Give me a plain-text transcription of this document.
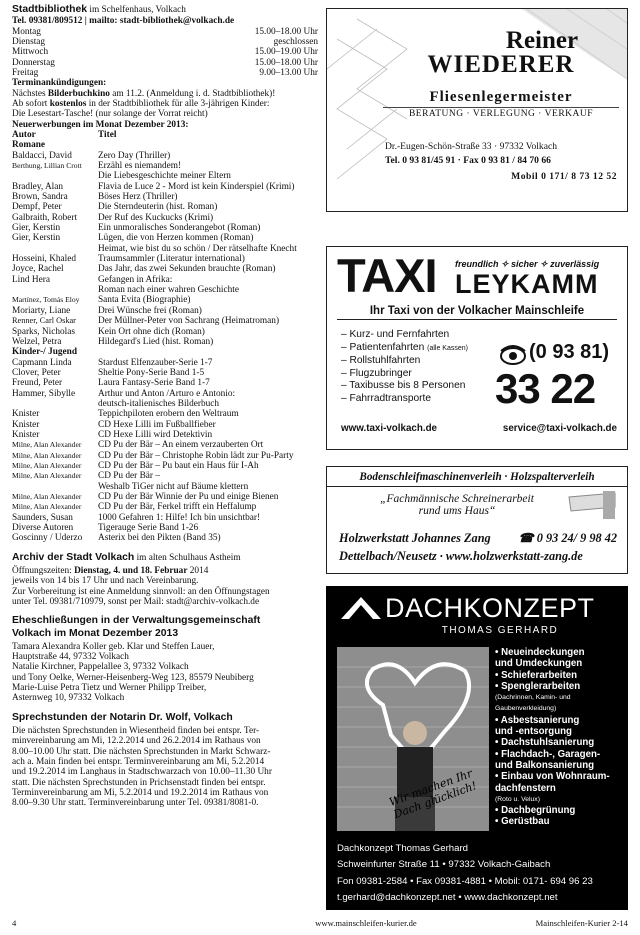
Stadtbibliothek im Schelfenhaus, Volkach
Tel. 09381/809512 | mailto: stadt-bibliothek@volkach.de
Montag	15.00–18.00 Uhr
Dienstag	geschlossen
Mittwoch	15.00–19.00 Uhr
Donnerstag	15.00–18.00 Uhr
Freitag	9.00–13.00 Uhr
Terminankündigungen:
Nächstes Bilderbuchkino am 11.2. (Anmeldung i. d. Stadtbibliothek)!
Ab sofort kostenlos in der Stadtbibliothek für alle 3-jährigen Kinder:
Die Lesestart-Tasche! (nur solange der Vorrat reicht)
Neuerwerbungen im Monat Dezember 2013:
Autor	Titel
Romane
Baldacci, David	Zero Day (Thriller)
Berthung, Lillian Crott	Erzähl es niemandem!
Die Liebesgeschichte meiner Eltern
Bradley, Alan	Flavia de Luce 2 - Mord ist kein Kinderspiel (Krimi)
Brown, Sandra	Böses Herz (Thriller)
Dempf, Peter	Die Sterndeuterin (hist. Roman)
Galbraith, Robert	Der Ruf des Kuckucks (Krimi)
Gier, Kerstin	Ein unmoralisches Sonderangebot (Roman)
Gier, Kerstin	Lügen, die von Herzen kommen (Roman)
Heimat, wie bist du so schön / Der rätselhafte Knecht
Hosseini, Khaled	Traumsammler (Literatur international)
Joyce, Rachel	Das Jahr, das zwei Sekunden brauchte (Roman)
Lind Hera	Gefangen in Afrika:
Roman nach einer wahren Geschichte
Martínez, Tomás Eloy	Santa Evita (Biographie)
Moriarty, Liane	Drei Wünsche frei (Roman)
Renner, Carl Oskar	Der Müllner-Peter von Sachrang (Heimatroman)
Sparks, Nicholas	Kein Ort ohne dich (Roman)
Welzel, Petra	Hildegard's Lied (hist. Roman)
Kinder-/ Jugend
Capmann Linda	Stardust Elfenzauber-Serie 1-7
Clover, Peter	Sheltie Pony-Serie Band 1-5
Freund, Peter	Laura Fantasy-Serie Band 1-7
Hammer, Sibylle	Arthur und Anton /Arturo e Antonio:
deutsch-italienisches Bilderbuch
Knister	Teppichpiloten erobern den Weltraum
Knister	CD Hexe Lilli im Fußballfieber
Knister	CD Hexe Lilli wird Detektivin
Milne, Alan Alexander	CD Pu der Bär – An einem verzauberten Ort
Milne, Alan Alexander	CD Pu der Bär – Christophe Robin lädt zur Pu-Party
Milne, Alan Alexander	CD Pu der Bär – Pu baut ein Haus für I-Ah
Milne, Alan Alexander	CD Pu der Bär –
Weshalb TiGer nicht auf Bäume klettern
Milne, Alan Alexander	CD Pu der Bär Winnie der Pu und einige Bienen
Milne, Alan Alexander	CD Pu der Bär, Ferkel trifft ein Heffalump
Saunders, Susan	1000 Gefahren 1: Hilfe! Ich bin unsichtbar!
Diverse Autoren	Tigeraugе Serie Band 1-26
Goscinny / Uderzo	Asterix bei den Pikten (Band 35)
Archiv der Stadt Volkach im alten Schulhaus Astheim
Öffnungszeiten: Dienstag, 4. und 18. Februar 2014
jeweils von 14 bis 17 Uhr und nach Vereinbarung.
Zur Vorbereitung ist eine Anmeldung sinnvoll: an den Öffnungstagen
unter Tel. 09381/710979, sonst per Mail: stadt@archiv-volkach.de
Eheschließungen in der Verwaltungsgemeinschaft
Volkach im Monat Dezember 2013
Tamara Alexandra Koller geb. Klar und Steffen Lauer,
Hauptstraße 44, 97332 Volkach
Natalie Kirchner, Pappelallee 3, 97332 Volkach
und Tony Oelke, Werner-Heisenberg-Weg 123, 85579 Neubiberg
Marie-Luise Petra Tietz und Werner Philipp Treiber,
Asternweg 10, 97332 Volkach
Sprechstunden der Notarin Dr. Wolf, Volkach
Die nächsten Sprechstunden in Wiesentheid finden bei entspr. Ter-
minvereinbarung am Mi, 12.2.2014 und 26.2.2014 im Rathaus von
8.00–10.00 Uhr statt. Die nächsten Sprechstunden in Markt Schwarz-
ach a. Main finden bei entspr. Terminvereinbarung am Mi, 5.2.2014
und 19.2.2014 im Langhaus in Stadtschwarzach von 10.00–11.30 Uhr
statt. Die nächsten Sprechstunden in Prichsenstadt finden bei entspr.
Terminvereinbarung am Mi, 5.2.2014 und 19.2.2014 im Rathaus von
8.00–9.30 Uhr statt. Terminvereinbarung unter Tel. 09381/8081-0.
Reiner
WIEDERER
Fliesenlegermeister
BERATUNG · VERLEGUNG · VERKAUF
Dr.-Eugen-Schön-Straße 33 · 97332 Volkach
Tel. 0 93 81/45 91 · Fax 0 93 81 / 84 70 66
Mobil 0 171/ 8 73 12 52
TAXI freundlich ✧ sicher ✧ zuverlässig
LEYKAMM
Ihr Taxi von der Volkacher Mainschleife
– Kurz- und Fernfahrten
– Patientenfahrten (alle Kassen)
– Rollstuhlfahrten
– Flugzubringer
– Taxibusse bis 8 Personen
– Fahrradtransporte
(0 93 81)
33 22
www.taxi-volkach.de	service@taxi-volkach.de
Bodenschleifmaschinenverleih · Holzspalterverleih
„Fachmännische Schreinerarbeit
rund ums Haus“
Holzwerkstatt Johannes Zang ☎ 0 93 24/ 9 98 42
Dettelbach/Neusetz · www.holzwerkstatt-zang.de
DACHKONZEPT
THOMAS GERHARD
Wir machen Ihr Dach glücklich!
• Neueindeckungen
und Umdeckungen
• Schieferarbeiten
• Spenglerarbeiten
(Dachrinnen, Kamin- und
Gaubenverkleidung)
• Asbestsanierung
und -entsorgung
• Dachstuhlsanierung
• Flachdach-, Garagen-
und Balkonsanierung
• Einbau von Wohnraum-
dachfenstern
(Roto u. Velux)
• Dachbegrünung
• Gerüstbau
Dachkonzept Thomas Gerhard
Schweinfurter Straße 11 • 97332 Volkach-Gaibach
Fon 09381-2584 • Fax 09381-4881 • Mobil: 0171- 694 96 23
t.gerhard@dachkonzept.net • www.dachkonzept.net
4	www.mainschleifen-kurier.de	Mainschleifen-Kurier 2-14
